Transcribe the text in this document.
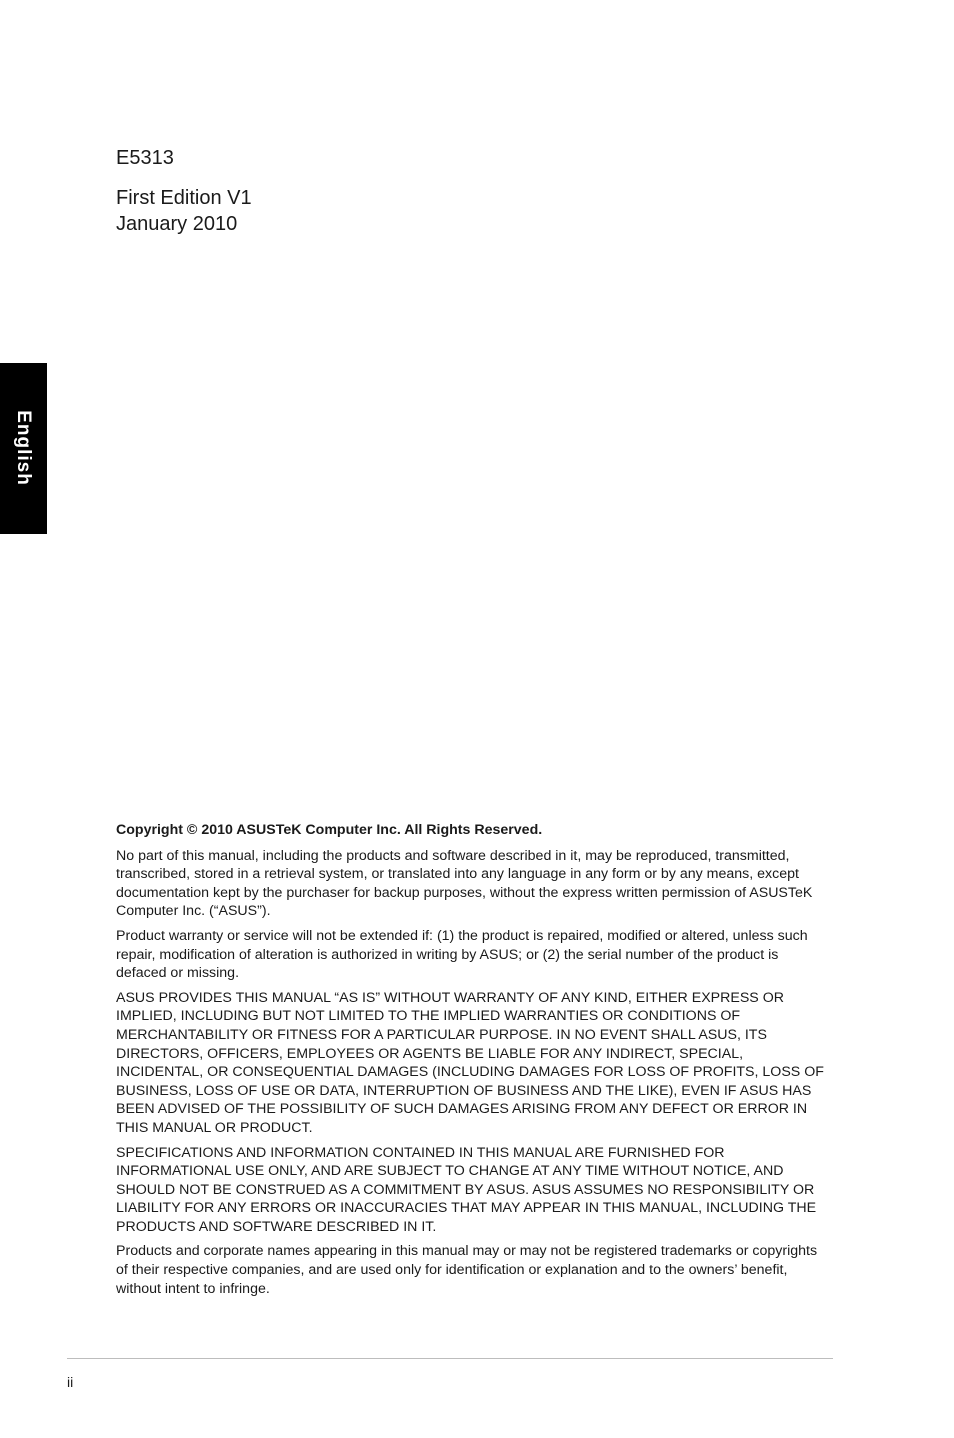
E5313

First Edition V1

January 2010

English

Copyright © 2010 ASUSTeK Computer Inc. All Rights Reserved.

No part of this manual, including the products and software described in it, may be reproduced, transmitted, transcribed, stored in a retrieval system, or translated into any language in any form or by any means, except documentation kept by the purchaser for backup purposes, without the express written permission of ASUSTeK Computer Inc. (“ASUS”).

Product warranty or service will not be extended if: (1) the product is repaired, modified or altered, unless such repair, modification of alteration is authorized in writing by ASUS; or (2) the serial number of the product is defaced or missing.

ASUS PROVIDES THIS MANUAL “AS IS” WITHOUT WARRANTY OF ANY KIND, EITHER EXPRESS OR IMPLIED, INCLUDING BUT NOT LIMITED TO THE IMPLIED WARRANTIES OR CONDITIONS OF MERCHANTABILITY OR FITNESS FOR A PARTICULAR PURPOSE. IN NO EVENT SHALL ASUS, ITS DIRECTORS, OFFICERS, EMPLOYEES OR AGENTS BE LIABLE FOR ANY INDIRECT, SPECIAL, INCIDENTAL, OR CONSEQUENTIAL DAMAGES (INCLUDING DAMAGES FOR LOSS OF PROFITS, LOSS OF BUSINESS, LOSS OF USE OR DATA, INTERRUPTION OF BUSINESS AND THE LIKE), EVEN IF ASUS HAS BEEN ADVISED OF THE POSSIBILITY OF SUCH DAMAGES ARISING FROM ANY DEFECT OR ERROR IN THIS MANUAL OR PRODUCT.

SPECIFICATIONS AND INFORMATION CONTAINED IN THIS MANUAL ARE FURNISHED FOR INFORMATIONAL USE ONLY, AND ARE SUBJECT TO CHANGE AT ANY TIME WITHOUT NOTICE, AND SHOULD NOT BE CONSTRUED AS A COMMITMENT BY ASUS. ASUS ASSUMES NO RESPONSIBILITY OR LIABILITY FOR ANY ERRORS OR INACCURACIES THAT MAY APPEAR IN THIS MANUAL, INCLUDING THE PRODUCTS AND SOFTWARE DESCRIBED IN IT.

Products and corporate names appearing in this manual may or may not be registered trademarks or copyrights of their respective companies, and are used only for identification or explanation and to the owners’ benefit, without intent to infringe.

ii
